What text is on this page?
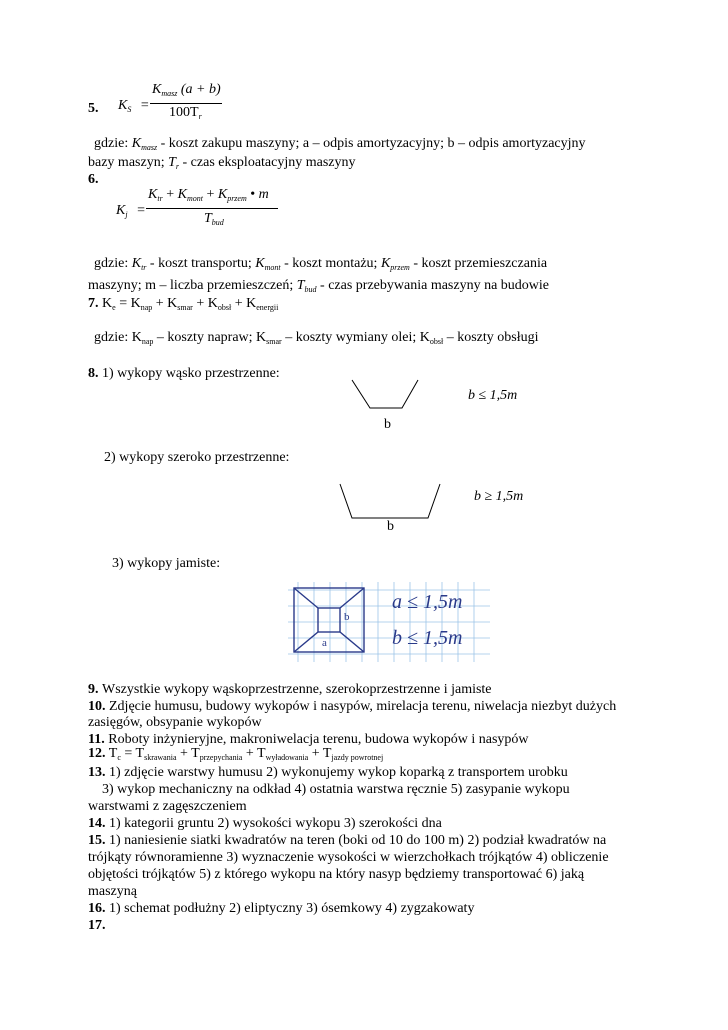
5. $K_S$ =
$K_{masz}$ (a + b)
$100T_r$
gdzie: $K_{masz}$ - koszt zakupu maszyny; a – odpis amortyzacyjny; b – odpis amortyzacyjny
bazy maszyn; $T_r$ - czas eksploatacyjny maszyny
6.
$K_j$ =
$K_{tr} + K_{mont} + K_{przem}$ • m
$T_{bud}$
gdzie: $K_{tr}$ - koszt transportu; $K_{mont}$ - koszt montażu; $K_{przem}$ - koszt przemieszczania
maszyny; m – liczba przemieszczeń; $T_{bud}$ - czas przebywania maszyny na budowie
7. $K_e = K_{nap} + K_{smar} + K_{obsł} + K_{energii}$
gdzie: $K_{nap}$ – koszty napraw; $K_{smar}$ – koszty wymiany olei; $K_{obsł}$ – koszty obsługi
8. 1) wykopy wąsko przestrzenne:
b ≤ 1,5m
b
2) wykopy szeroko przestrzenne:
b ≥ 1,5m
b
3) wykopy jamiste:
b
a
a ≤ 1,5m
b ≤ 1,5m
9. Wszystkie wykopy wąskoprzestrzenne, szerokoprzestrzenne i jamiste
10. Zdjęcie humusu, budowy wykopów i nasypów, mirelacja terenu, niwelacja niezbyt dużych
zasięgów, obsypanie wykopów
11. Roboty inżynieryjne, makroniwelacja terenu, budowa wykopów i nasypów
12. $T_c = T_{skrawania} + T_{przepychania} + T_{wyładowania} + T_{jazdy powrotnej}$
13. 1) zdjęcie warstwy humusu 2) wykonujemy wykop koparką z transportem urobku
3) wykop mechaniczny na odkład 4) ostatnia warstwa ręcznie 5) zasypanie wykopu
warstwami z zagęszczeniem
14. 1) kategorii gruntu 2) wysokości wykopu 3) szerokości dna
15. 1) naniesienie siatki kwadratów na teren (boki od 10 do 100 m) 2) podział kwadratów na
trójkąty równoramienne 3) wyznaczenie wysokości w wierzchołkach trójkątów 4) obliczenie
objętości trójkątów 5) z którego wykopu na który nasyp będziemy transportować 6) jaką
maszyną
16. 1) schemat podłużny 2) eliptyczny 3) ósemkowy 4) zygzakowaty
17.
